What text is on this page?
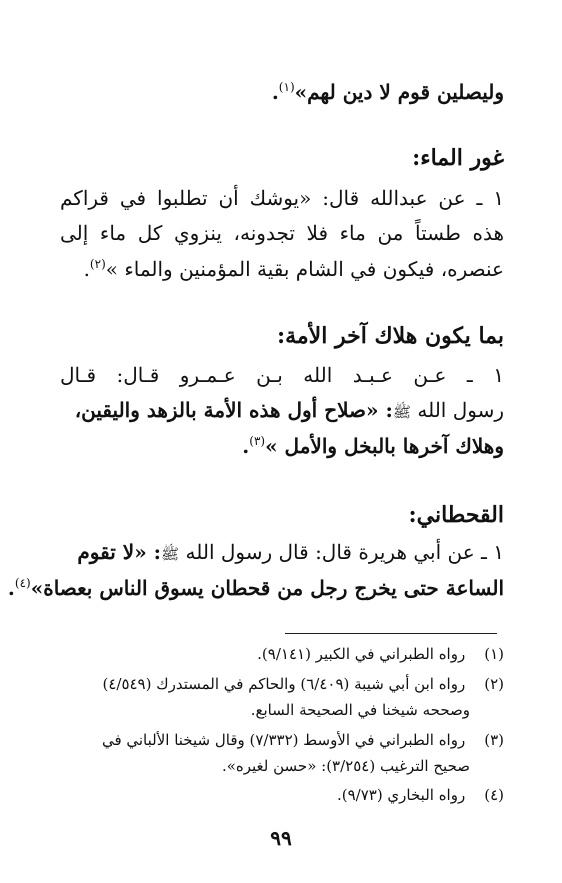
وليصلين قوم لا دين لهم»$^{(١)}$.
غور الماء:
١ ـ عن عبدالله قال: «يوشك أن تطلبوا في قراكم
هذه طستاً من ماء فلا تجدونه، ينزوي كل ماء إلى
عنصره، فيكون في الشام بقية المؤمنين والماء »$^{(٢)}$.
بما يكون هلاك آخر الأمة:
١ ـ عـن عـبـد الله بـن عـمـرو قـال: قـال
رسول الله ﷺ: «صلاح أول هذه الأمة بالزهد واليقين،
وهلاك آخرها بالبخل والأمل »$^{(٣)}$.
القحطاني:
١ ـ عن أبي هريرة قال: قال رسول الله ﷺ: «لا تقوم
الساعة حتى يخرج رجل من قحطان يسوق الناس بعصاة»$^{(٤)}$.
(١) رواه الطبراني في الكبير (٩/١٤١).
(٢) رواه ابن أبي شيبة (٦/٤٠٩) والحاكم في المستدرك (٤/٥٤٩)
وصححه شيخنا في الصحيحة السابع.
(٣) رواه الطبراني في الأوسط (٧/٣٣٢) وقال شيخنا الألباني في
صحيح الترغيب (٣/٢٥٤): «حسن لغيره».
(٤) رواه البخاري (٩/٧٣).
٩٩
